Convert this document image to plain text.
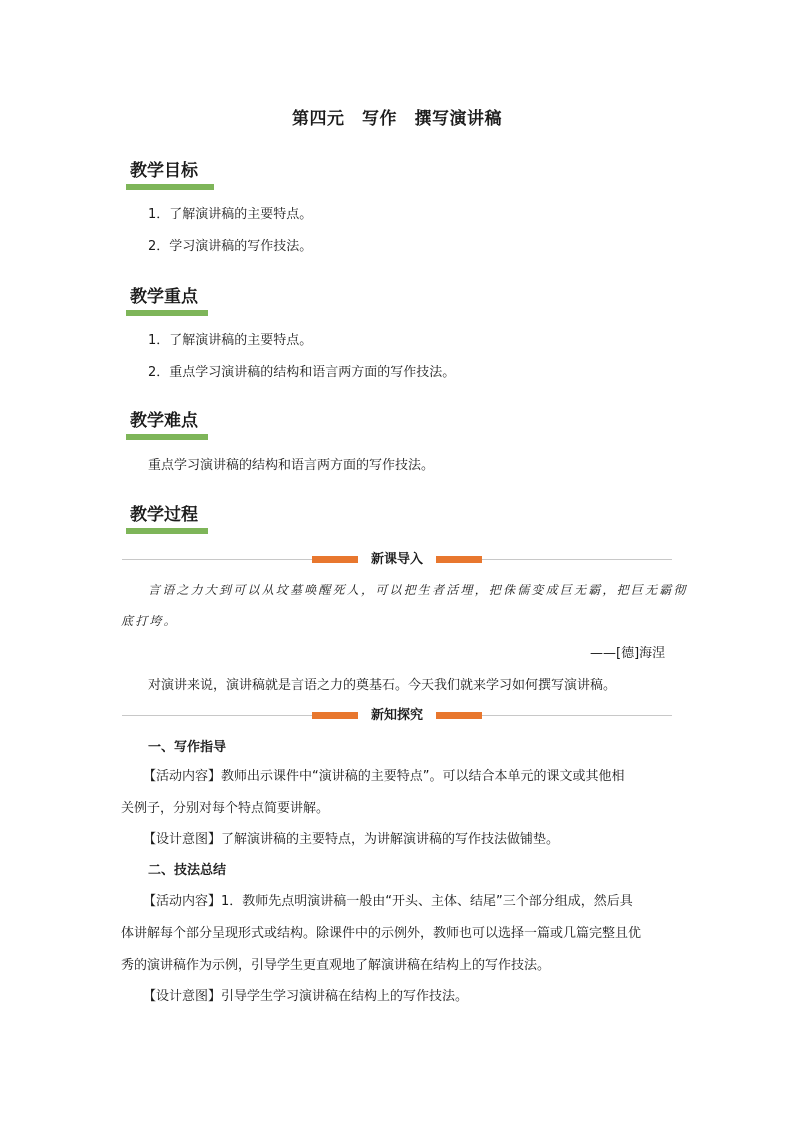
第四元　写作　撰写演讲稿
教学目标
1．了解演讲稿的主要特点。
2．学习演讲稿的写作技法。
教学重点
1．了解演讲稿的主要特点。
2．重点学习演讲稿的结构和语言两方面的写作技法。
教学难点
重点学习演讲稿的结构和语言两方面的写作技法。
教学过程
新课导入
言语之力大到可以从坟墓唤醒死人，可以把生者活埋，把侏儒变成巨无霸，把巨无霸彻
底打垮。
——[德]海涅
对演讲来说，演讲稿就是言语之力的奠基石。今天我们就来学习如何撰写演讲稿。
新知探究
一、写作指导
【活动内容】教师出示课件中“演讲稿的主要特点”。可以结合本单元的课文或其他相
关例子，分别对每个特点简要讲解。
【设计意图】了解演讲稿的主要特点，为讲解演讲稿的写作技法做铺垫。
二、技法总结
【活动内容】1．教师先点明演讲稿一般由“开头、主体、结尾”三个部分组成，然后具
体讲解每个部分呈现形式或结构。除课件中的示例外，教师也可以选择一篇或几篇完整且优
秀的演讲稿作为示例，引导学生更直观地了解演讲稿在结构上的写作技法。
【设计意图】引导学生学习演讲稿在结构上的写作技法。
